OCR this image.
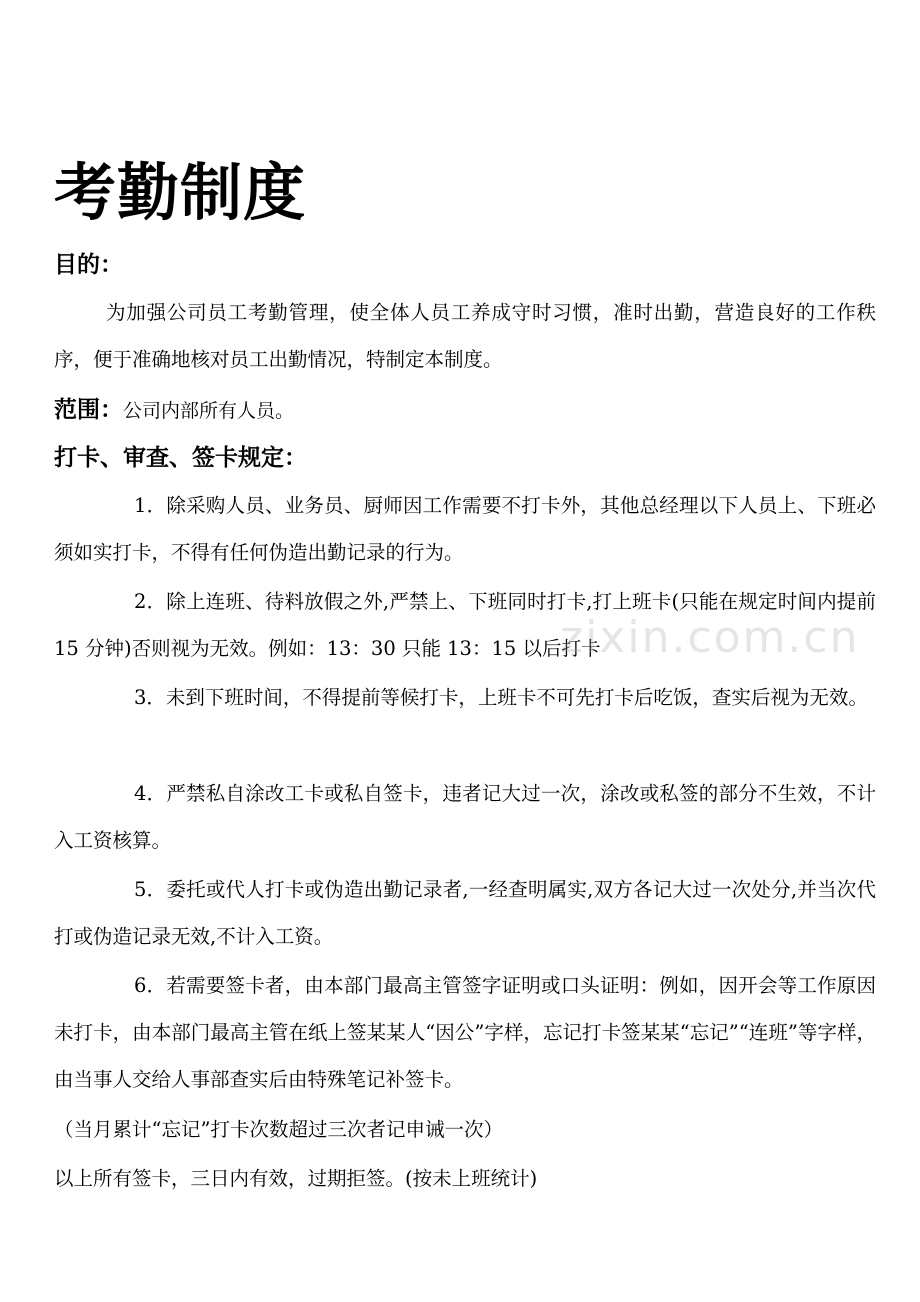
考勤制度
目的：
为加强公司员工考勤管理，使全体人员工养成守时习惯，准时出勤，营造良好的工作秩序，便于准确地核对员工出勤情况，特制定本制度。
范围：公司内部所有人员。
打卡、审查、签卡规定：
1．除采购人员、业务员、厨师因工作需要不打卡外，其他总经理以下人员上、下班必须如实打卡，不得有任何伪造出勤记录的行为。
2．除上连班、待料放假之外,严禁上、下班同时打卡,打上班卡(只能在规定时间内提前 15 分钟)否则视为无效。例如：13：30 只能 13：15 以后打卡
3．未到下班时间，不得提前等候打卡，上班卡不可先打卡后吃饭，查实后视为无效。
4．严禁私自涂改工卡或私自签卡，违者记大过一次，涂改或私签的部分不生效，不计入工资核算。
5．委托或代人打卡或伪造出勤记录者,一经查明属实,双方各记大过一次处分,并当次代打或伪造记录无效,不计入工资。
6．若需要签卡者，由本部门最高主管签字证明或口头证明：例如，因开会等工作原因未打卡，由本部门最高主管在纸上签某某人“因公”字样，忘记打卡签某某“忘记”“连班”等字样，由当事人交给人事部查实后由特殊笔记补签卡。
（当月累计“忘记”打卡次数超过三次者记申诫一次）
以上所有签卡，三日内有效，过期拒签。(按未上班统计)
zixin.com.cn
